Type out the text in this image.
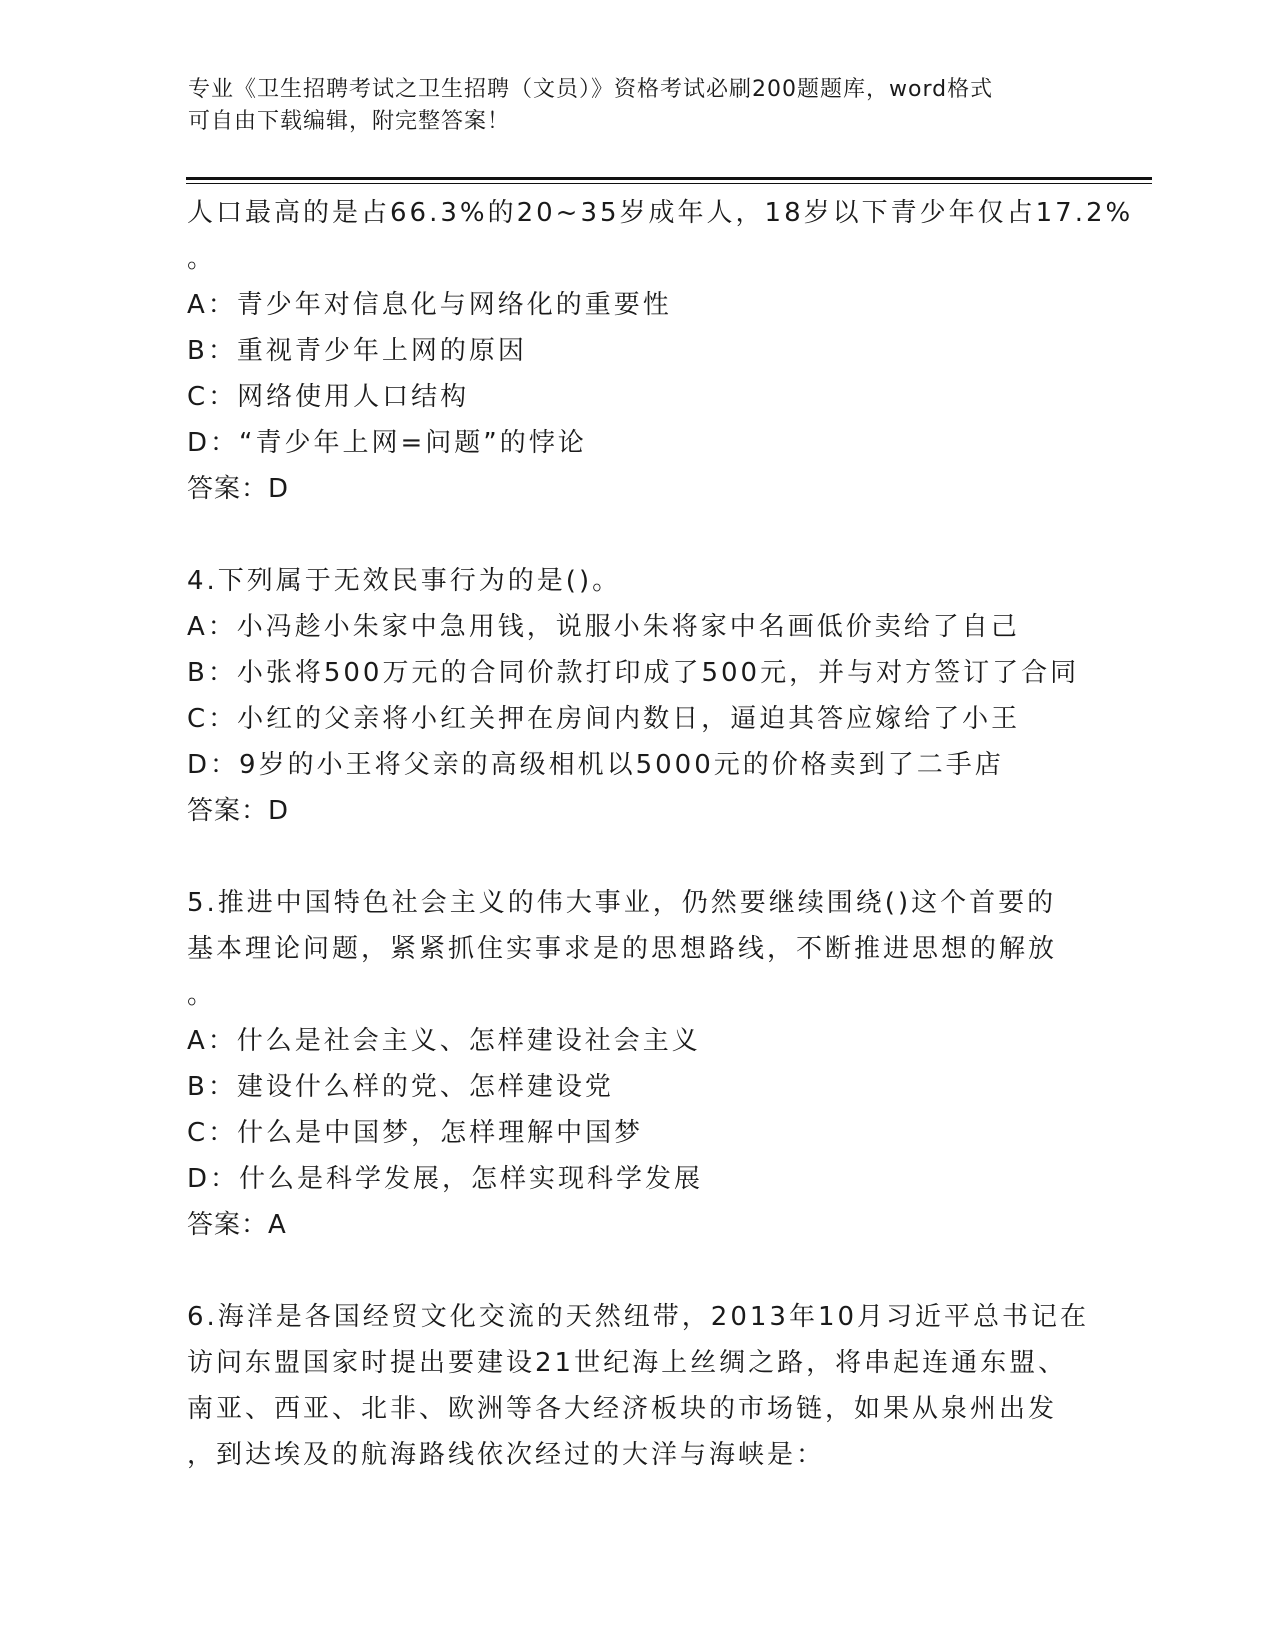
专业《卫生招聘考试之卫生招聘（文员）》资格考试必刷200题题库，word格式
可自由下载编辑，附完整答案！
人口最高的是占66.3%的20~35岁成年人，18岁以下青少年仅占17.2%
。
A：青少年对信息化与网络化的重要性
B：重视青少年上网的原因
C：网络使用人口结构
D：“青少年上网=问题”的悖论
答案：D
4.下列属于无效民事行为的是()。
A：小冯趁小朱家中急用钱，说服小朱将家中名画低价卖给了自己
B：小张将500万元的合同价款打印成了500元，并与对方签订了合同
C：小红的父亲将小红关押在房间内数日，逼迫其答应嫁给了小王
D：9岁的小王将父亲的高级相机以5000元的价格卖到了二手店
答案：D
5.推进中国特色社会主义的伟大事业，仍然要继续围绕()这个首要的
基本理论问题，紧紧抓住实事求是的思想路线，不断推进思想的解放
。
A：什么是社会主义、怎样建设社会主义
B：建设什么样的党、怎样建设党
C：什么是中国梦，怎样理解中国梦
D：什么是科学发展，怎样实现科学发展
答案：A
6.海洋是各国经贸文化交流的天然纽带，2013年10月习近平总书记在
访问东盟国家时提出要建设21世纪海上丝绸之路，将串起连通东盟、
南亚、西亚、北非、欧洲等各大经济板块的市场链，如果从泉州出发
，到达埃及的航海路线依次经过的大洋与海峡是：
